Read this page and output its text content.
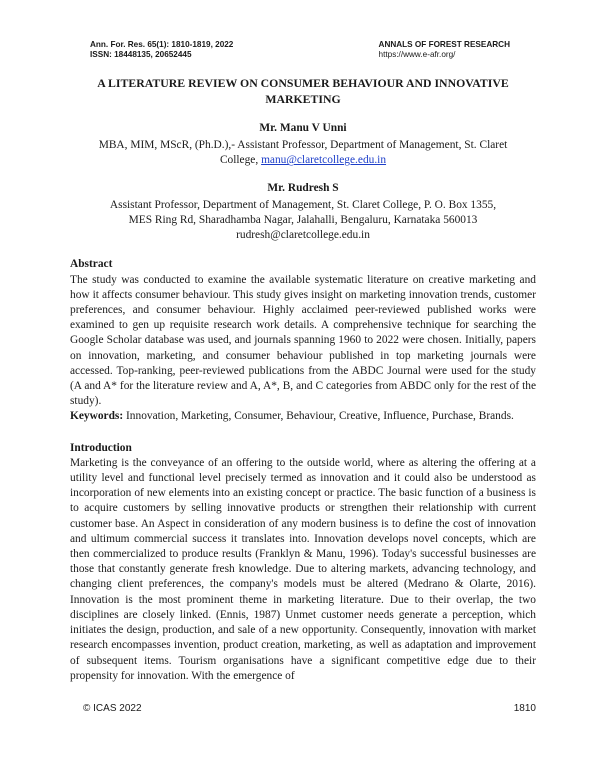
Ann. For. Res. 65(1): 1810-1819, 2022
ISSN: 18448135, 20652445
ANNALS OF FOREST RESEARCH
https://www.e-afr.org/
A LITERATURE REVIEW ON CONSUMER BEHAVIOUR AND INNOVATIVE MARKETING
Mr. Manu V Unni
MBA, MIM, MScR, (Ph.D.),- Assistant Professor, Department of Management, St. Claret
College, manu@claretcollege.edu.in
Mr. Rudresh S
Assistant Professor, Department of Management, St. Claret College, P. O. Box 1355,
MES Ring Rd, Sharadhamba Nagar, Jalahalli, Bengaluru, Karnataka 560013
rudresh@claretcollege.edu.in
Abstract

The study was conducted to examine the available systematic literature on creative marketing and how it affects consumer behaviour. This study gives insight on marketing innovation trends, customer preferences, and consumer behaviour. Highly acclaimed peer-reviewed published works were examined to gen up requisite research work details. A comprehensive technique for searching the Google Scholar database was used, and journals spanning 1960 to 2022 were chosen. Initially, papers on innovation, marketing, and consumer behaviour published in top marketing journals were accessed. Top-ranking, peer-reviewed publications from the ABDC Journal were used for the study (A and A* for the literature review and A, A*, B, and C categories from ABDC only for the rest of the study).

Keywords: Innovation, Marketing, Consumer, Behaviour, Creative, Influence, Purchase, Brands.

Introduction

Marketing is the conveyance of an offering to the outside world, where as altering the offering at a utility level and functional level precisely termed as innovation and it could also be understood as incorporation of new elements into an existing concept or practice. The basic function of a business is to acquire customers by selling innovative products or strengthen their relationship with current customer base. An Aspect in consideration of any modern business is to define the cost of innovation and ultimum commercial success it translates into. Innovation develops novel concepts, which are then commercialized to produce results (Franklyn & Manu, 1996). Today's successful businesses are those that constantly generate fresh knowledge. Due to altering markets, advancing technology, and changing client preferences, the company's models must be altered (Medrano & Olarte, 2016). Innovation is the most prominent theme in marketing literature. Due to their overlap, the two disciplines are closely linked. (Ennis, 1987) Unmet customer needs generate a perception, which initiates the design, production, and sale of a new opportunity. Consequently, innovation with market research encompasses invention, product creation, marketing, as well as adaptation and improvement of subsequent items. Tourism organisations have a significant competitive edge due to their propensity for innovation. With the emergence of

© ICAS 2022	1810
